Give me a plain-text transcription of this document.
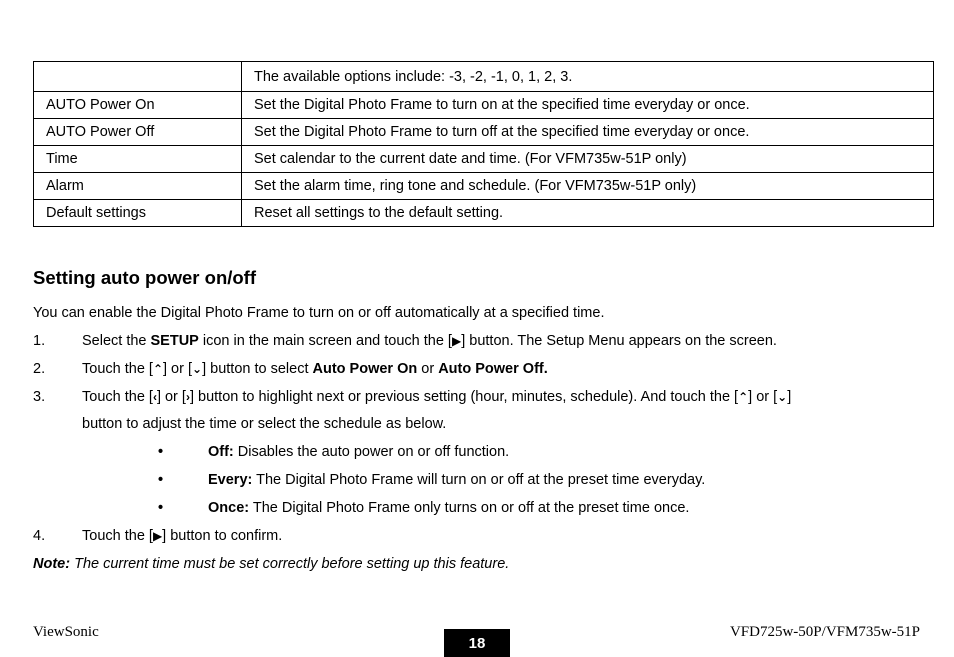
	The available options include: -3, -2, -1, 0, 1, 2, 3.
AUTO Power On	Set the Digital Photo Frame to turn on at the specified time everyday or once.
AUTO Power Off	Set the Digital Photo Frame to turn off at the specified time everyday or once.
Time	Set calendar to the current date and time. (For VFM735w-51P only)
Alarm	Set the alarm time, ring tone and schedule. (For VFM735w-51P only)
Default settings	Reset all settings to the default setting.
Setting auto power on/off
You can enable the Digital Photo Frame to turn on or off automatically at a specified time.
1.	Select the SETUP icon in the main screen and touch the [▶] button. The Setup Menu appears on the screen.
2.	Touch the [⌃] or [⌄] button to select Auto Power On or Auto Power Off.
3.	Touch the [‹] or [›] button to highlight next or previous setting (hour, minutes, schedule). And touch the [⌃] or [⌄]
button to adjust the time or select the schedule as below.
•	Off: Disables the auto power on or off function.
•	Every: The Digital Photo Frame will turn on or off at the preset time everyday.
•	Once: The Digital Photo Frame only turns on or off at the preset time once.
4.	Touch the [▶] button to confirm.
Note: The current time must be set correctly before setting up this feature.
ViewSonic
18
VFD725w-50P/VFM735w-51P
